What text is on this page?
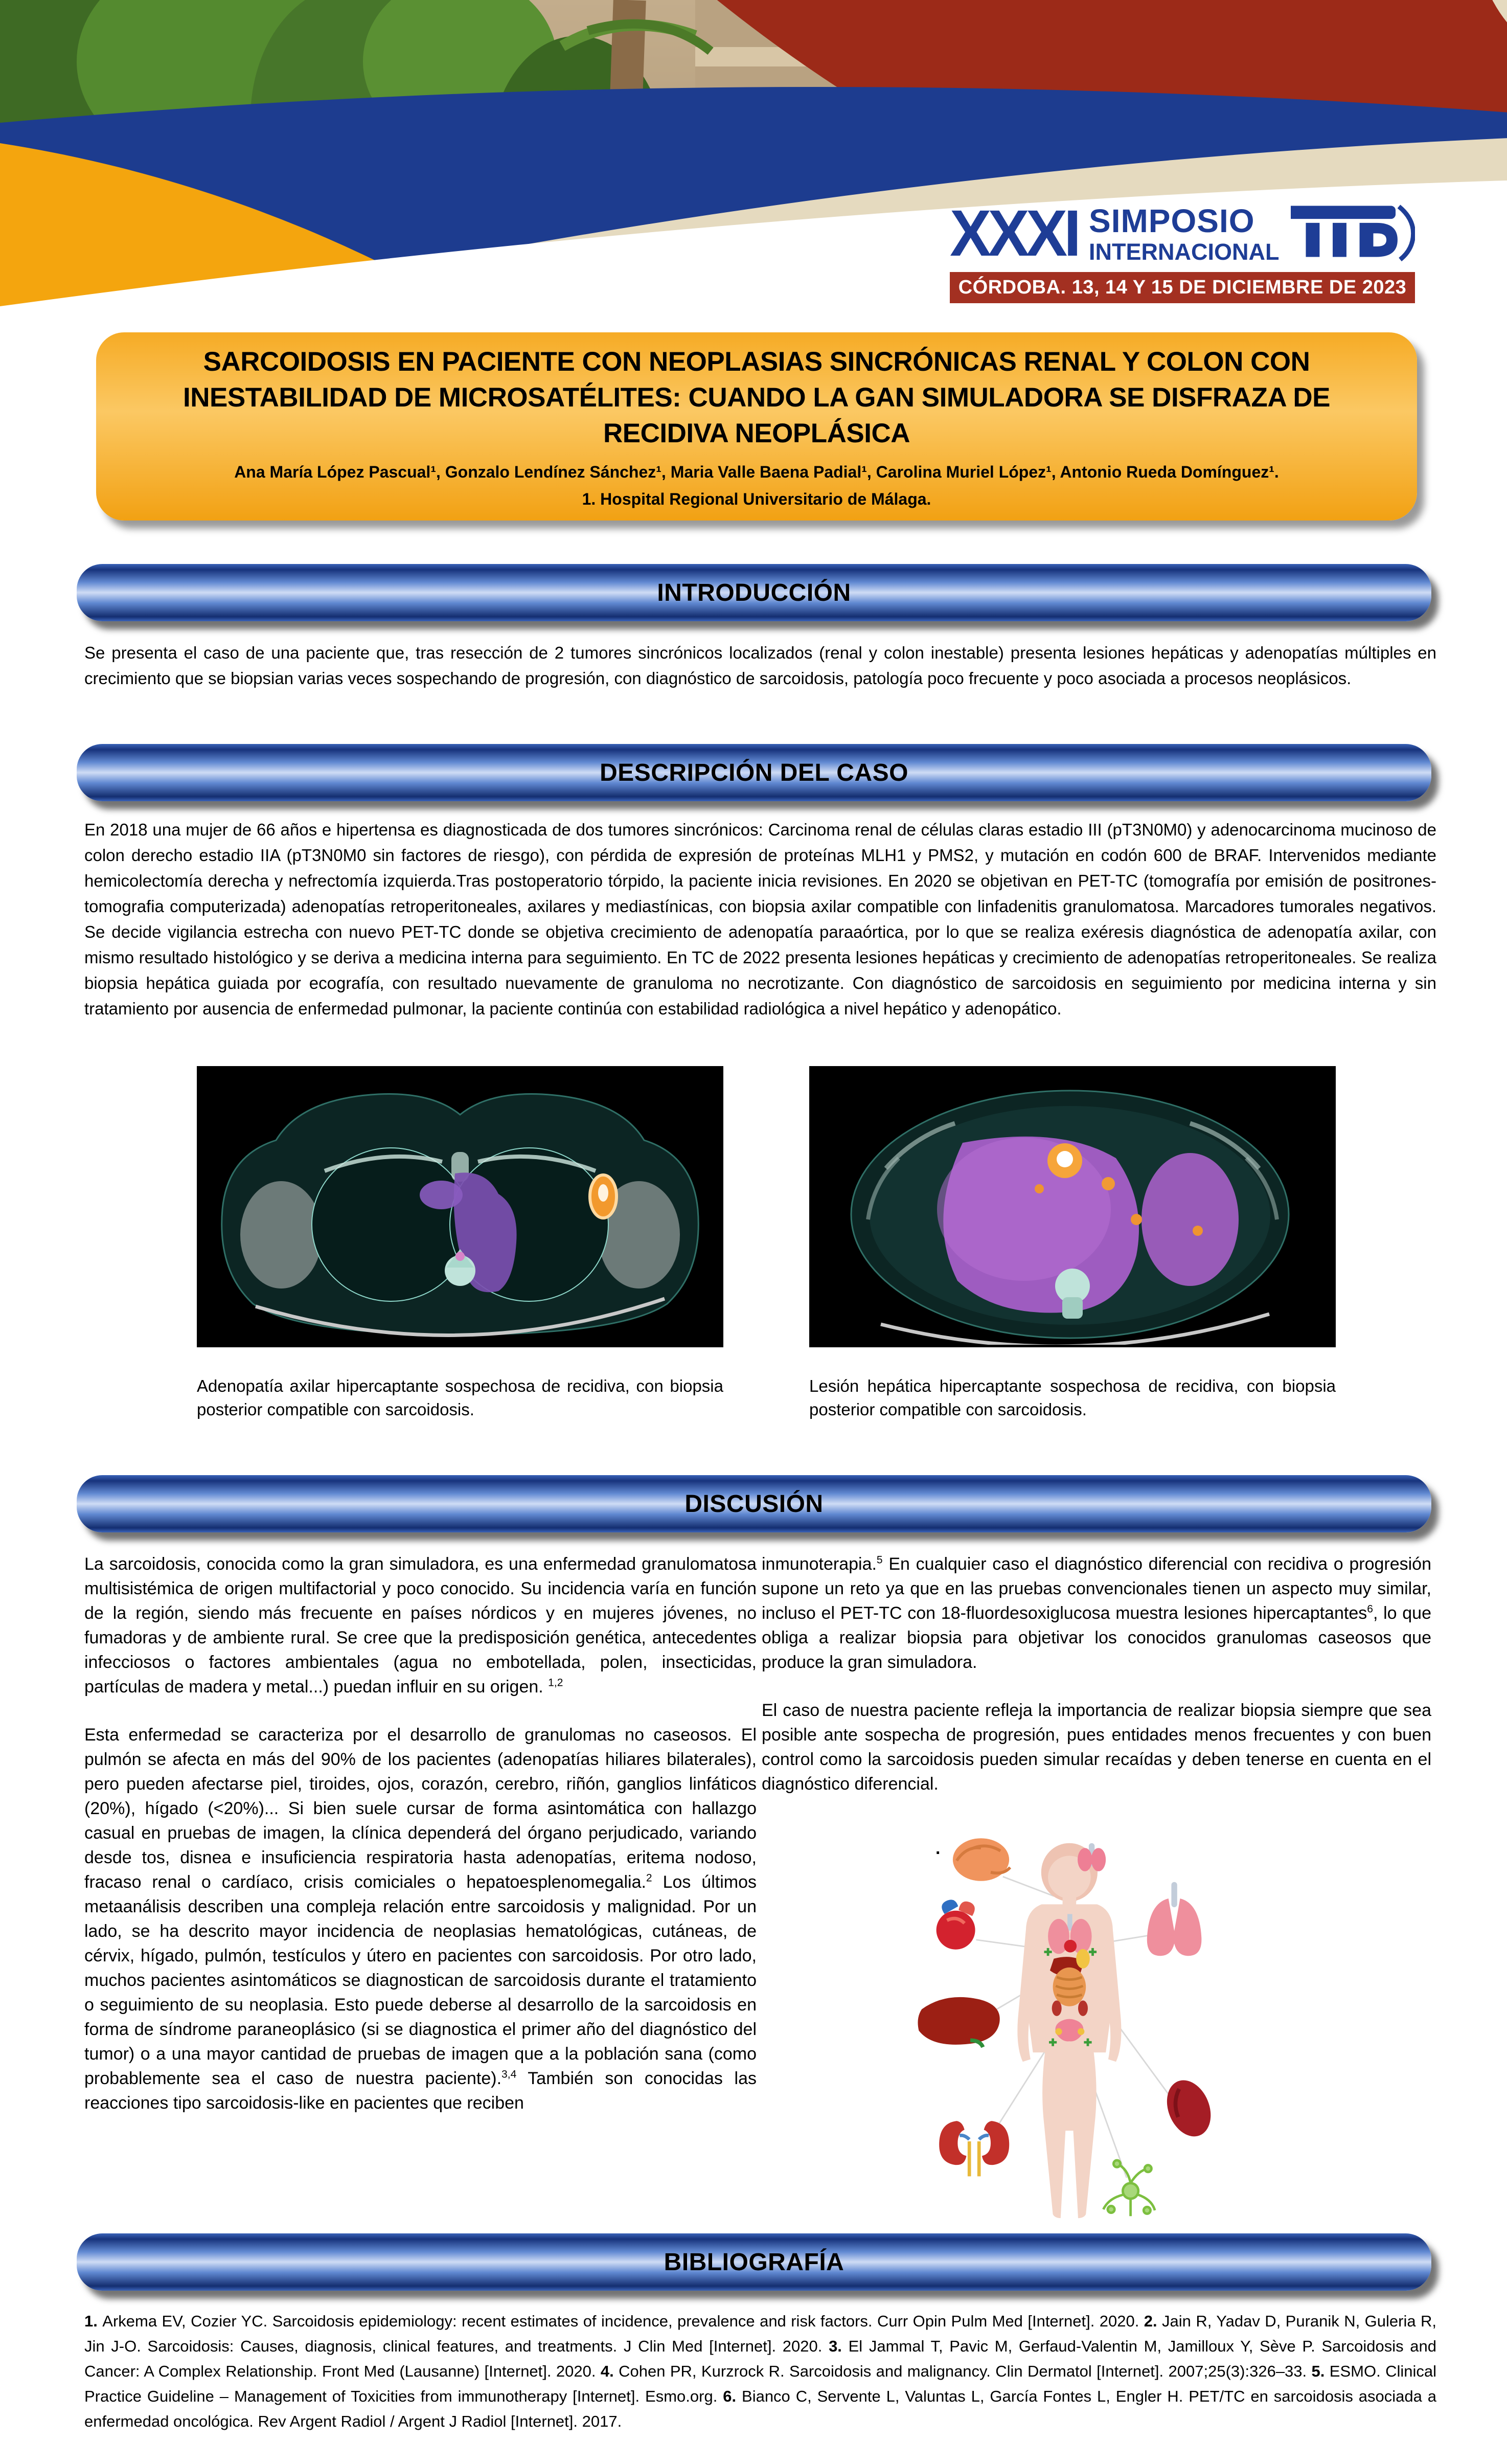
XXXI SIMPOSIO
INTERNACIONAL
CÓRDOBA. 13, 14 Y 15 DE DICIEMBRE DE 2023
SARCOIDOSIS EN PACIENTE CON NEOPLASIAS SINCRÓNICAS RENAL Y COLON CON INESTABILIDAD DE MICROSATÉLITES: CUANDO LA GAN SIMULADORA SE DISFRAZA DE RECIDIVA NEOPLÁSICA
Ana María López Pascual¹, Gonzalo Lendínez Sánchez¹, Maria Valle Baena Padial¹, Carolina Muriel López¹, Antonio Rueda Domínguez¹.
1. Hospital Regional Universitario de Málaga.
INTRODUCCIÓN
Se presenta el caso de una paciente que, tras resección de 2 tumores sincrónicos localizados (renal y colon inestable) presenta lesiones hepáticas y adenopatías múltiples en crecimiento que se biopsian varias veces sospechando de progresión, con diagnóstico de sarcoidosis, patología poco frecuente y poco asociada a procesos neoplásicos.
DESCRIPCIÓN DEL CASO
En 2018 una mujer de 66 años e hipertensa es diagnosticada de dos tumores sincrónicos: Carcinoma renal de células claras estadio III (pT3N0M0) y adenocarcinoma mucinoso de colon derecho estadio IIA (pT3N0M0 sin factores de riesgo), con pérdida de expresión de proteínas MLH1 y PMS2, y mutación en codón 600 de BRAF. Intervenidos mediante hemicolectomía derecha y nefrectomía izquierda.Tras postoperatorio tórpido, la paciente inicia revisiones. En 2020 se objetivan en PET-TC (tomografía por emisión de positrones-tomografia computerizada) adenopatías retroperitoneales, axilares y mediastínicas, con biopsia axilar compatible con linfadenitis granulomatosa. Marcadores tumorales negativos. Se decide vigilancia estrecha con nuevo PET-TC donde se objetiva crecimiento de adenopatía paraaórtica, por lo que se realiza exéresis diagnóstica de adenopatía axilar, con mismo resultado histológico y se deriva a medicina interna para seguimiento. En TC de 2022 presenta lesiones hepáticas y crecimiento de adenopatías retroperitoneales. Se realiza biopsia hepática guiada por ecografía, con resultado nuevamente de granuloma no necrotizante. Con diagnóstico de sarcoidosis en seguimiento por medicina interna y sin tratamiento por ausencia de enfermedad pulmonar, la paciente continúa con estabilidad radiológica a nivel hepático y adenopático.
Adenopatía axilar hipercaptante sospechosa de recidiva, con biopsia posterior compatible con sarcoidosis.
Lesión hepática hipercaptante sospechosa de recidiva, con biopsia posterior compatible con sarcoidosis.
DISCUSIÓN

La sarcoidosis, conocida como la gran simuladora, es una enfermedad granulomatosa multisistémica de origen multifactorial y poco conocido. Su incidencia varía en función de la región, siendo más frecuente en países nórdicos y en mujeres jóvenes, no fumadoras y de ambiente rural. Se cree que la predisposición genética, antecedentes infecciosos o factores ambientales (agua no embotellada, polen, insecticidas, partículas de madera y metal...) puedan influir en su origen. $^{1,2}$

Esta enfermedad se caracteriza por el desarrollo de granulomas no caseosos. El pulmón se afecta en más del 90% de los pacientes (adenopatías hiliares bilaterales), pero pueden afectarse piel, tiroides, ojos, corazón, cerebro, riñón, ganglios linfáticos (20%), hígado (<20%)... Si bien suele cursar de forma asintomática con hallazgo casual en pruebas de imagen, la clínica dependerá del órgano perjudicado, variando desde tos, disnea e insuficiencia respiratoria hasta adenopatías, eritema nodoso, fracaso renal o cardíaco, crisis comiciales o hepatoesplenomegalia.$^2$ Los últimos metaanálisis describen una compleja relación entre sarcoidosis y malignidad. Por un lado, se ha descrito mayor incidencia de neoplasias hematológicas, cutáneas, de cérvix, hígado, pulmón, testículos y útero en pacientes con sarcoidosis. Por otro lado, muchos pacientes asintomáticos se diagnostican de sarcoidosis durante el tratamiento o seguimiento de su neoplasia. Esto puede deberse al desarrollo de la sarcoidosis en forma de síndrome paraneoplásico (si se diagnostica el primer año del diagnóstico del tumor) o a una mayor cantidad de pruebas de imagen que a la población sana (como probablemente sea el caso de nuestra paciente).$^{3,4}$ También son conocidas las reacciones tipo sarcoidosis-like en pacientes que reciben

inmunoterapia.$^5$ En cualquier caso el diagnóstico diferencial con recidiva o progresión supone un reto ya que en las pruebas convencionales tienen un aspecto muy similar, incluso el PET-TC con 18-fluordesoxiglucosa muestra lesiones hipercaptantes$^6$, lo que obliga a realizar biopsia para objetivar los conocidos granulomas caseosos que produce la gran simuladora.

El caso de nuestra paciente refleja la importancia de realizar biopsia siempre que sea posible ante sospecha de progresión, pues entidades menos frecuentes y con buen control como la sarcoidosis pueden simular recaídas y deben tenerse en cuenta en el diagnóstico diferencial.

.
BIBLIOGRAFÍA
1. Arkema EV, Cozier YC. Sarcoidosis epidemiology: recent estimates of incidence, prevalence and risk factors. Curr Opin Pulm Med [Internet]. 2020. 2. Jain R, Yadav D, Puranik N, Guleria R, Jin J-O. Sarcoidosis: Causes, diagnosis, clinical features, and treatments. J Clin Med [Internet]. 2020. 3. El Jammal T, Pavic M, Gerfaud-Valentin M, Jamilloux Y, Sève P. Sarcoidosis and Cancer: A Complex Relationship. Front Med (Lausanne) [Internet]. 2020. 4. Cohen PR, Kurzrock R. Sarcoidosis and malignancy. Clin Dermatol [Internet]. 2007;25(3):326–33. 5. ESMO. Clinical Practice Guideline – Management of Toxicities from immunotherapy [Internet]. Esmo.org. 6. Bianco C, Servente L, Valuntas L, García Fontes L, Engler H. PET/TC en sarcoidosis asociada a enfermedad oncológica. Rev Argent Radiol / Argent J Radiol [Internet]. 2017.
